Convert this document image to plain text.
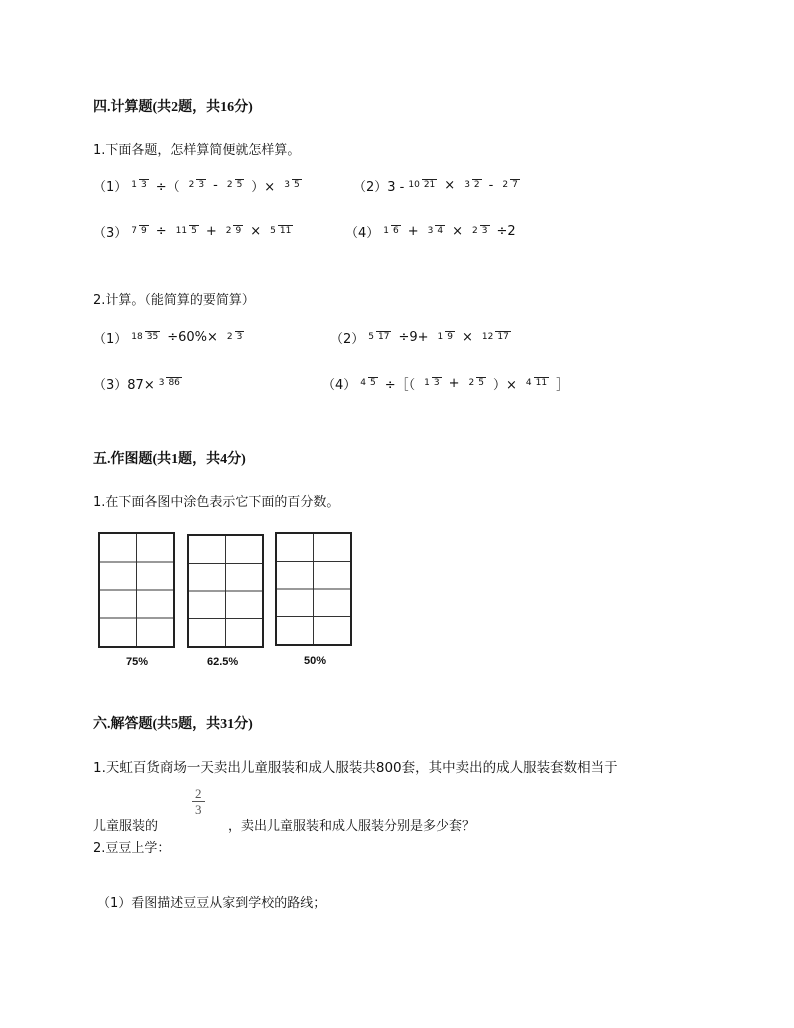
四.计算题(共2题，共16分)
1.下面各题，怎样算简便就怎样算。
（1） 1 3 ÷（ 2 3 - 2 5 ）× 3 5	（2）3 - 10 21 × 3 2 - 2 7
（3） 7 9 ÷ 11 5 + 2 9 × 5 11	（4） 1 6 + 3 4 × 2 3 ÷2
2.计算。（能简算的要简算）
（1） 18 35 ÷60%× 2 3	（2） 5 17 ÷9+ 1 9 × 12 17
（3）87× 3 86	（4） 4 5 ÷［（ 1 3 + 2 5 ）× 4 11 ］
五.作图题(共1题，共4分)
1.在下面各图中涂色表示它下面的百分数。
75%	62.5%	50%
六.解答题(共5题，共31分)
1.天虹百货商场一天卖出儿童服装和成人服装共800套，其中卖出的成人服装套数相当于
$\frac{2}{3}$
儿童服装的	，卖出儿童服装和成人服装分别是多少套？
2.豆豆上学：
（1）看图描述豆豆从家到学校的路线；
